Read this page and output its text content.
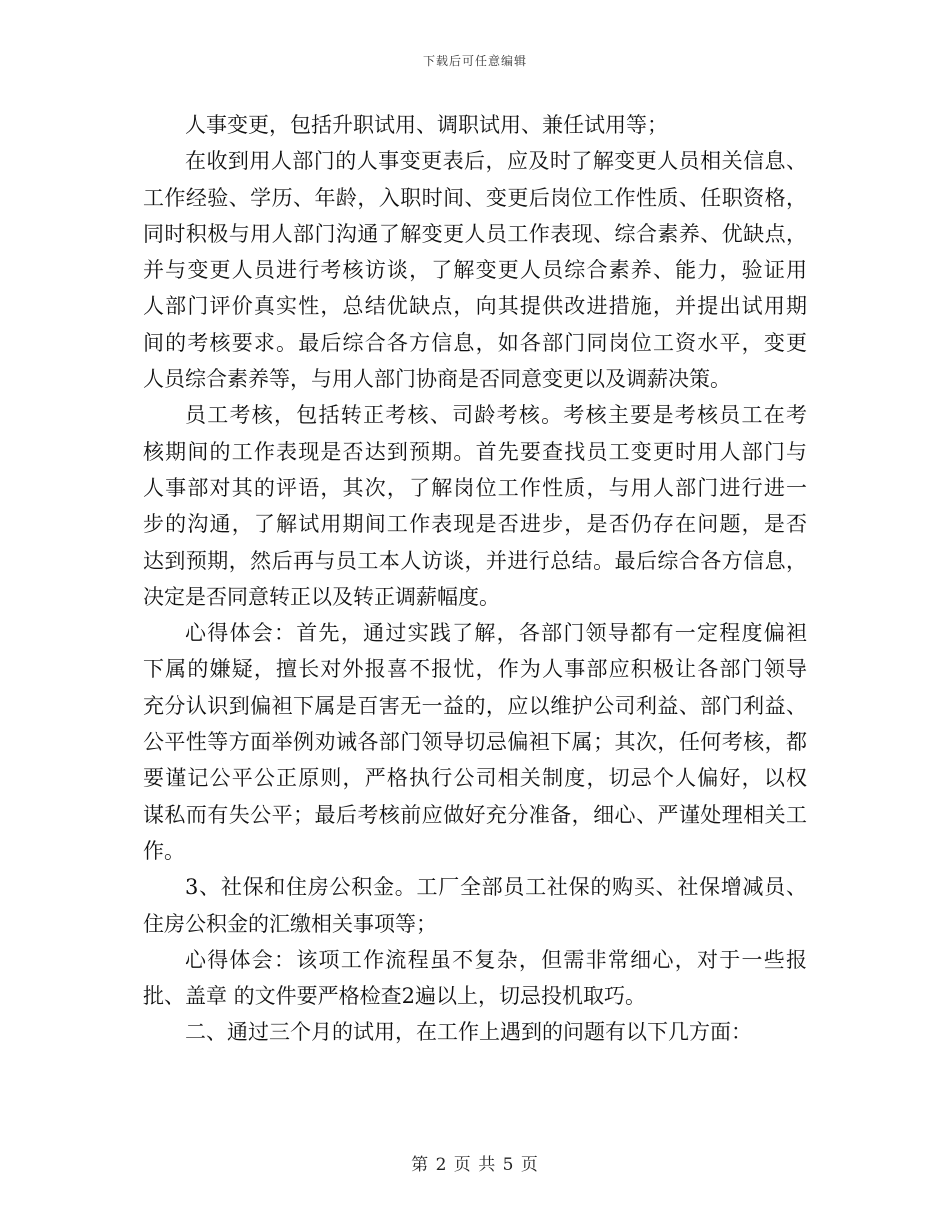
下载后可任意编辑
人事变更，包括升职试用、调职试用、兼任试用等；
在收到用人部门的人事变更表后，应及时了解变更人员相关信息、
工作经验、学历、年龄，入职时间、变更后岗位工作性质、任职资格，
同时积极与用人部门沟通了解变更人员工作表现、综合素养、优缺点，
并与变更人员进行考核访谈，了解变更人员综合素养、能力，验证用
人部门评价真实性，总结优缺点，向其提供改进措施，并提出试用期
间的考核要求。最后综合各方信息，如各部门同岗位工资水平，变更
人员综合素养等，与用人部门协商是否同意变更以及调薪决策。
员工考核，包括转正考核、司龄考核。考核主要是考核员工在考
核期间的工作表现是否达到预期。首先要查找员工变更时用人部门与
人事部对其的评语，其次，了解岗位工作性质，与用人部门进行进一
步的沟通，了解试用期间工作表现是否进步，是否仍存在问题，是否
达到预期，然后再与员工本人访谈，并进行总结。最后综合各方信息，
决定是否同意转正以及转正调薪幅度。
心得体会：首先，通过实践了解，各部门领导都有一定程度偏袒
下属的嫌疑，擅长对外报喜不报忧，作为人事部应积极让各部门领导
充分认识到偏袒下属是百害无一益的，应以维护公司利益、部门利益、
公平性等方面举例劝诫各部门领导切忌偏袒下属；其次，任何考核，都
要谨记公平公正原则，严格执行公司相关制度，切忌个人偏好，以权
谋私而有失公平；最后考核前应做好充分准备，细心、严谨处理相关工
作。
3、社保和住房公积金。工厂全部员工社保的购买、社保增减员、
住房公积金的汇缴相关事项等；
心得体会：该项工作流程虽不复杂，但需非常细心，对于一些报
批、盖章 的文件要严格检查2遍以上，切忌投机取巧。
二、通过三个月的试用，在工作上遇到的问题有以下几方面：
第 2 页 共 5 页
